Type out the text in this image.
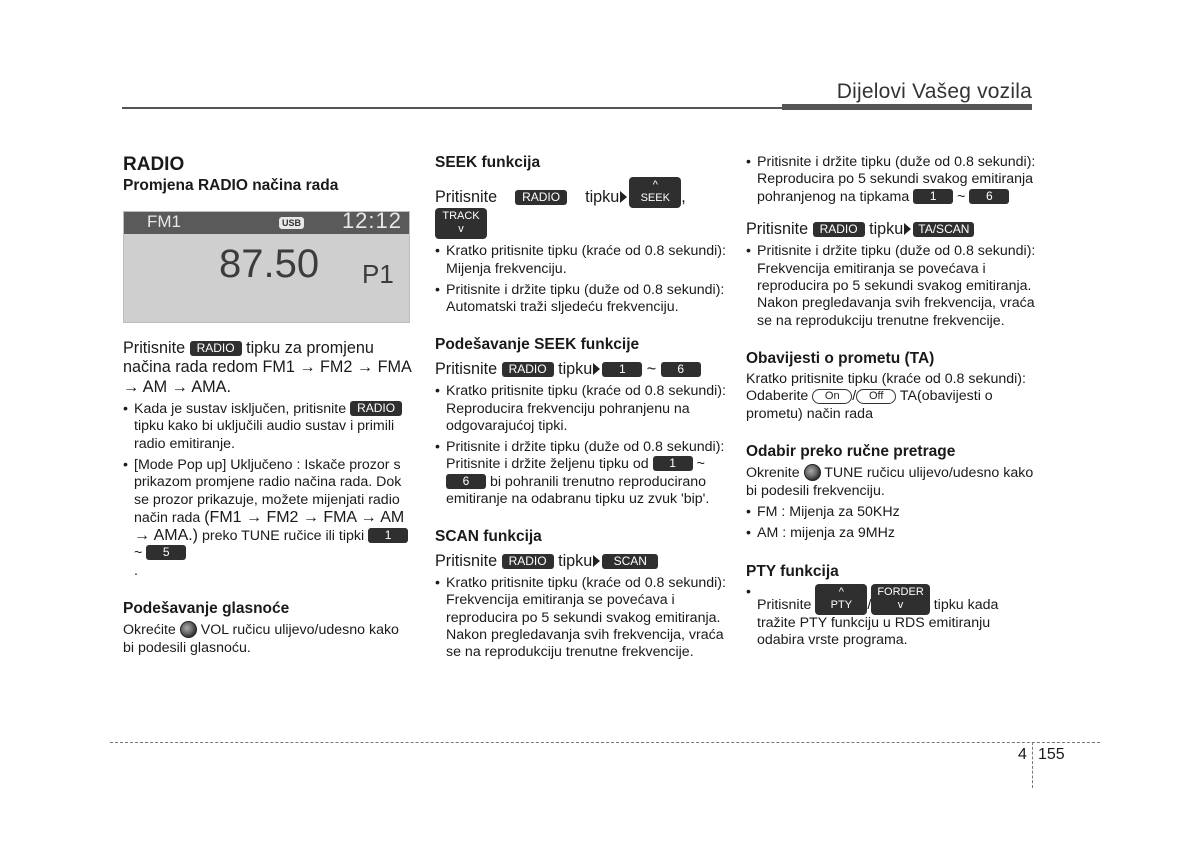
Dijelovi Vašeg vozila
RADIO
Promjena RADIO načina rada
FM1	USB 12:12
87.50 P1

Pritisnite RADIO tipku za promjenu načina rada redom FM1 → FM2 → FMA → AM → AMA.

• Kada je sustav isključen, pritisnite RADIO tipku kako bi uključili audio sustav i primili radio emitiranje.

• [Mode Pop up] Uključeno : Iskače prozor s prikazom promjene radio načina rada. Dok se prozor prikazuje, možete mijenjati radio način rada (FM1 → FM2 → FMA → AM → AMA.) preko TUNE ručice ili tipki 1 ~ 5
.

Podešavanje glasnoće

Okrećite VOL ručicu ulijevo/udesno kako bi podesili glasnoću.

SEEK funkcija

Pritisnite RADIO tipku^
SEEK ,
TRACK
v

• Kratko pritisnite tipku (kraće od 0.8 sekundi): Mijenja frekvenciju.

• Pritisnite i držite tipku (duže od 0.8 sekundi): Automatski traži sljedeću frekvenciju.

Podešavanje SEEK funkcije

Pritisnite RADIO tipku 1 ~ 6

• Kratko pritisnite tipku (kraće od 0.8 sekundi): Reproducira frekvenciju pohranjenu na odgovarajućoj tipki.

• Pritisnite i držite tipku (duže od 0.8 sekundi): Pritisnite i držite željenu tipku od 1 ~ 6 bi pohranili trenutno reproducirano emitiranje na odabranu tipku uz zvuk 'bip'.

SCAN funkcija

Pritisnite RADIO tipku SCAN

• Kratko pritisnite tipku (kraće od 0.8 sekundi): Frekvencija emitiranja se povećava i reproducira po 5 sekundi svakog emitiranja. Nakon pregledavanja svih frekvencija, vraća se na reprodukciju trenutne frekvencije.

• Pritisnite i držite tipku (duže od 0.8 sekundi): Reproducira po 5 sekundi svakog emitiranja pohranjenog na tipkama 1 ~ 6

Pritisnite RADIO tipku TA/SCAN

• Pritisnite i držite tipku (duže od 0.8 sekundi): Frekvencija emitiranja se povećava i reproducira po 5 sekundi svakog emitiranja. Nakon pregledavanja svih frekvencija, vraća se na reprodukciju trenutne frekvencije.

Obavijesti o prometu (TA)

Kratko pritisnite tipku (kraće od 0.8 sekundi): Odaberite On / Off TA(obavijesti o prometu) način rada

Odabir preko ručne pretrage

Okrenite TUNE ručicu ulijevo/udesno kako bi podesili frekvenciju.

• FM : Mijenja za 50KHz

• AM : mijenja za 9MHz

PTY funkcija

• Pritisnite ^
PTY /FORDER
v tipku kada tražite PTY funkciju u RDS emitiranju odabira vrste programa.

4 155
